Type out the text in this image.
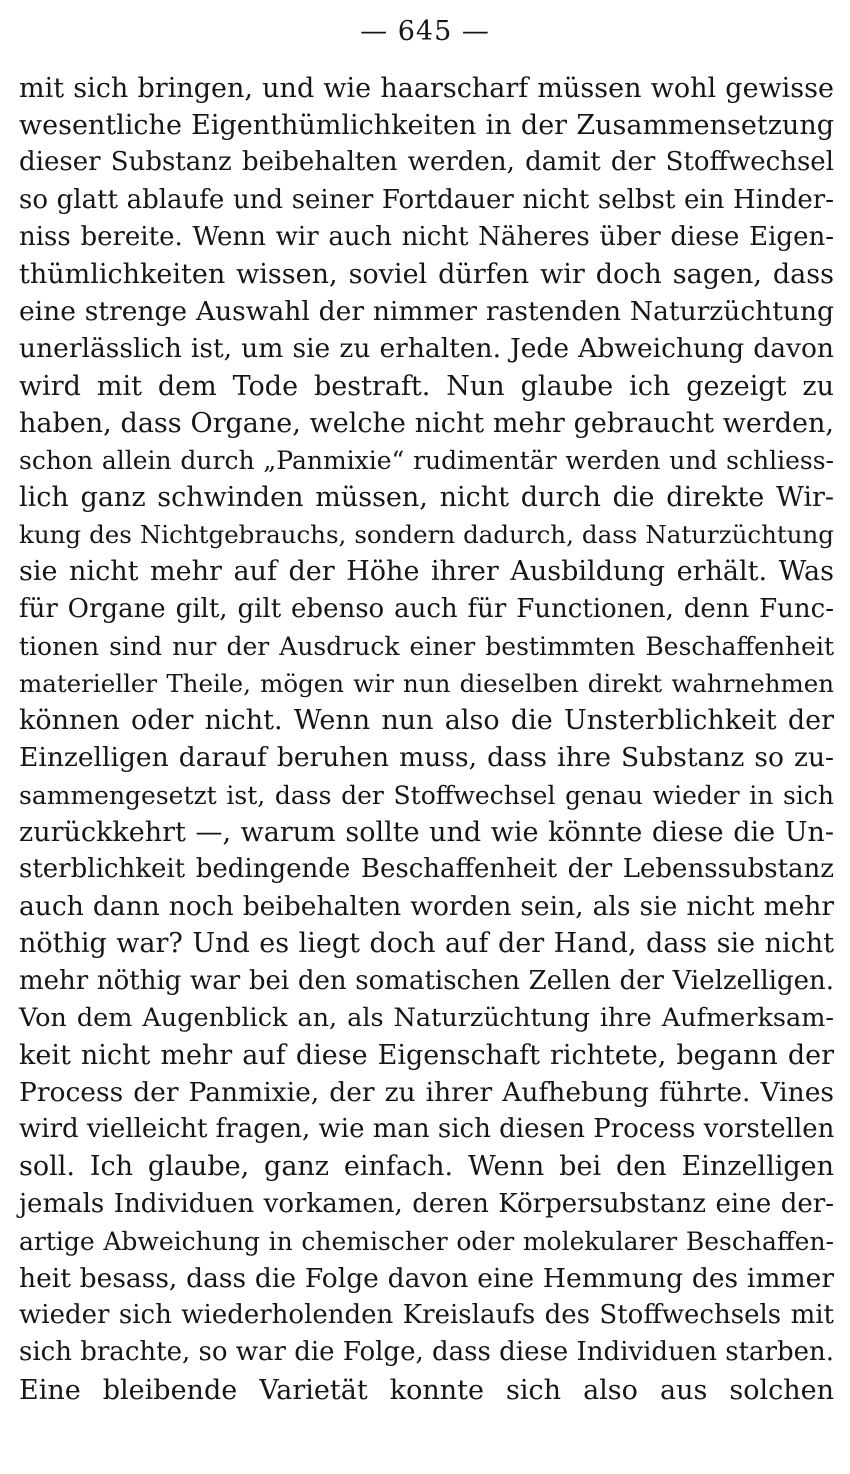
— 645 —
mit sich bringen, und wie haarscharf müssen wohl gewisse
wesentliche Eigenthümlichkeiten in der Zusammensetzung
dieser Substanz beibehalten werden, damit der Stoffwechsel
so glatt ablaufe und seiner Fortdauer nicht selbst ein Hinder-
niss bereite. Wenn wir auch nicht Näheres über diese Eigen-
thümlichkeiten wissen, soviel dürfen wir doch sagen, dass
eine strenge Auswahl der nimmer rastenden Naturzüchtung
unerlässlich ist, um sie zu erhalten. Jede Abweichung davon
wird mit dem Tode bestraft. Nun glaube ich gezeigt zu
haben, dass Organe, welche nicht mehr gebraucht werden,
schon allein durch „Panmixie“ rudimentär werden und schliess-
lich ganz schwinden müssen, nicht durch die direkte Wir-
kung des Nichtgebrauchs, sondern dadurch, dass Naturzüchtung
sie nicht mehr auf der Höhe ihrer Ausbildung erhält. Was
für Organe gilt, gilt ebenso auch für Functionen, denn Func-
tionen sind nur der Ausdruck einer bestimmten Beschaffenheit
materieller Theile, mögen wir nun dieselben direkt wahrnehmen
können oder nicht. Wenn nun also die Unsterblichkeit der
Einzelligen darauf beruhen muss, dass ihre Substanz so zu-
sammengesetzt ist, dass der Stoffwechsel genau wieder in sich
zurückkehrt —, warum sollte und wie könnte diese die Un-
sterblichkeit bedingende Beschaffenheit der Lebenssubstanz
auch dann noch beibehalten worden sein, als sie nicht mehr
nöthig war? Und es liegt doch auf der Hand, dass sie nicht
mehr nöthig war bei den somatischen Zellen der Vielzelligen.
Von dem Augenblick an, als Naturzüchtung ihre Aufmerksam-
keit nicht mehr auf diese Eigenschaft richtete, begann der
Process der Panmixie, der zu ihrer Aufhebung führte. Vines
wird vielleicht fragen, wie man sich diesen Process vorstellen
soll. Ich glaube, ganz einfach. Wenn bei den Einzelligen
jemals Individuen vorkamen, deren Körpersubstanz eine der-
artige Abweichung in chemischer oder molekularer Beschaffen-
heit besass, dass die Folge davon eine Hemmung des immer
wieder sich wiederholenden Kreislaufs des Stoffwechsels mit
sich brachte, so war die Folge, dass diese Individuen starben.
Eine bleibende Varietät konnte sich also aus solchen
